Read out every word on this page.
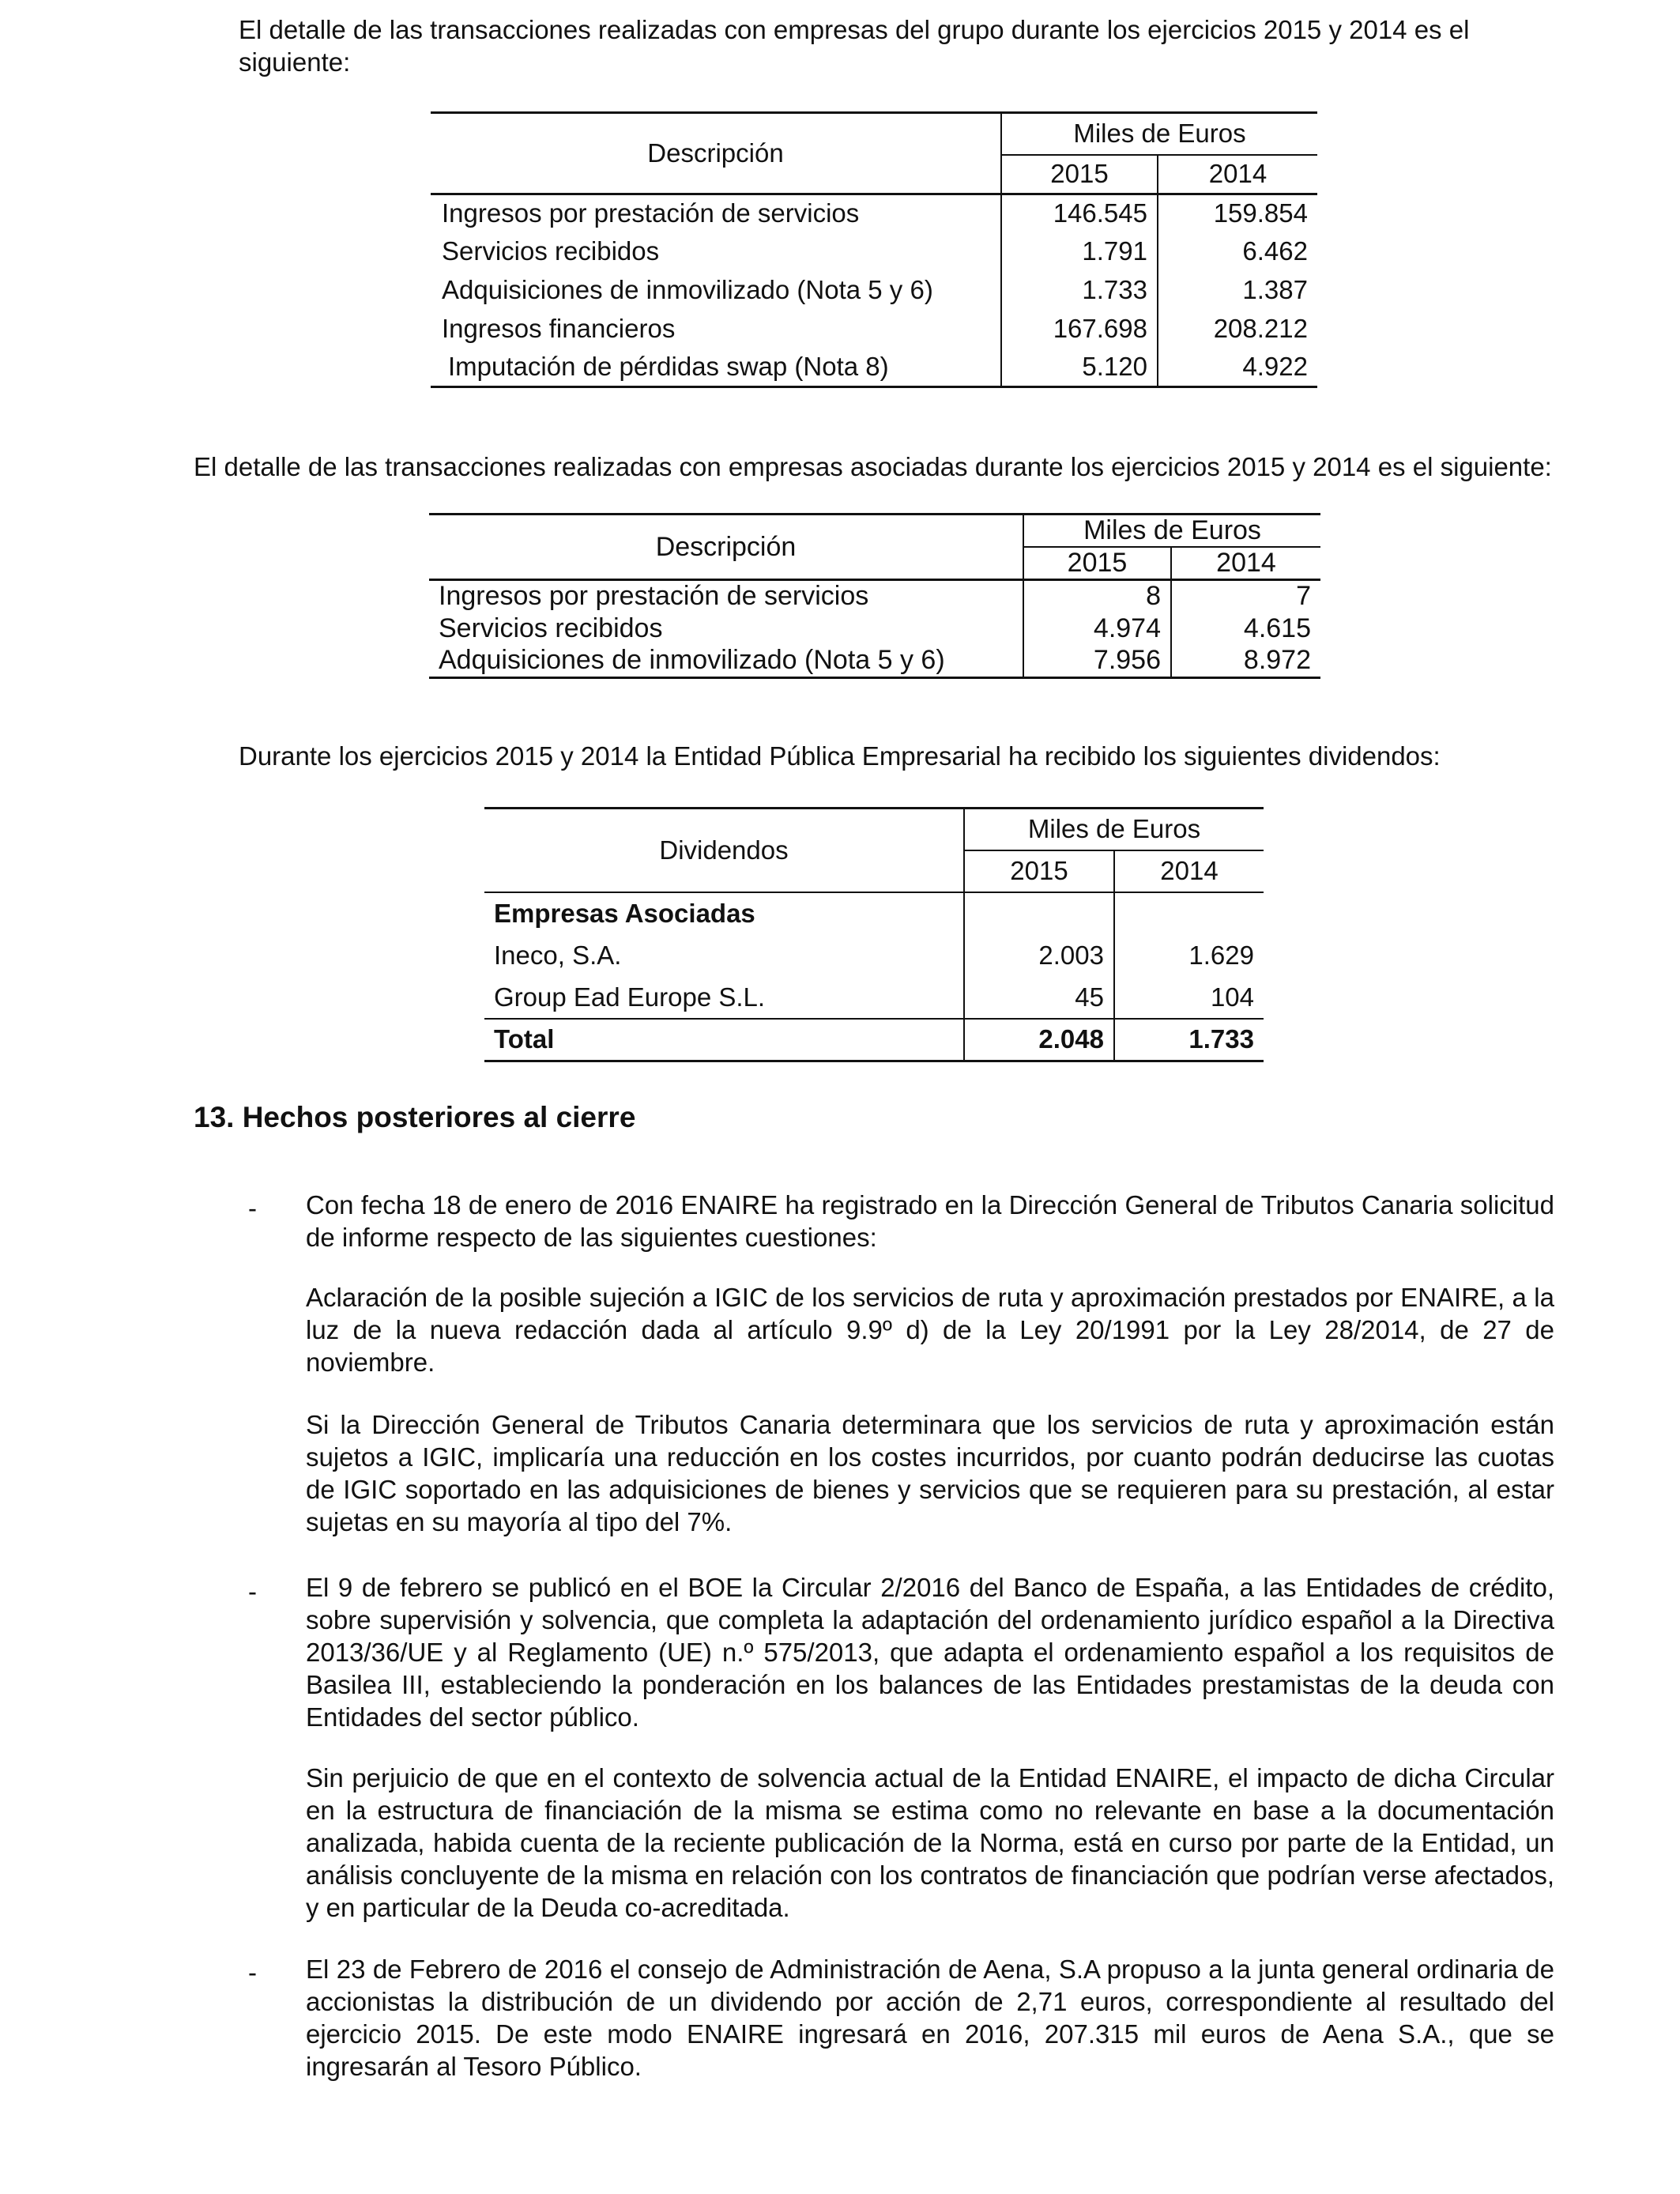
El detalle de las transacciones realizadas con empresas del grupo durante los ejercicios 2015 y 2014 es el siguiente:

Descripción	Miles de Euros	
	2015	2014
Ingresos por prestación de servicios	146.545	159.854
Servicios recibidos	1.791	6.462
Adquisiciones de inmovilizado (Nota 5 y 6)	1.733	1.387
Ingresos financieros	167.698	208.212
Imputación de pérdidas swap (Nota 8)	5.120	4.922

El detalle de las transacciones realizadas con empresas asociadas durante los ejercicios 2015 y 2014 es el siguiente:

Descripción	Miles de Euros	
	2015	2014
Ingresos por prestación de servicios	8	7
Servicios recibidos	4.974	4.615
Adquisiciones de inmovilizado (Nota 5 y 6)	7.956	8.972

Durante los ejercicios 2015 y 2014 la Entidad Pública Empresarial ha recibido los siguientes dividendos:

Dividendos	Miles de Euros	
	2015	2014
Empresas Asociadas		
Ineco, S.A.	2.003	1.629
Group Ead Europe S.L.	45	104
Total	2.048	1.733
13. Hechos posteriores al cierre
- Con fecha 18 de enero de 2016 ENAIRE ha registrado en la Dirección General de Tributos Canaria solicitud de informe respecto de las siguientes cuestiones:

Aclaración de la posible sujeción a IGIC de los servicios de ruta y aproximación prestados por ENAIRE, a la luz de la nueva redacción dada al artículo 9.9º d) de la Ley 20/1991 por la Ley 28/2014, de 27 de noviembre.

Si la Dirección General de Tributos Canaria determinara que los servicios de ruta y aproximación están sujetos a IGIC, implicaría una reducción en los costes incurridos, por cuanto podrán deducirse las cuotas de IGIC soportado en las adquisiciones de bienes y servicios que se requieren para su prestación, al estar sujetas en su mayoría al tipo del 7%.

- El 9 de febrero se publicó en el BOE la Circular 2/2016 del Banco de España, a las Entidades de crédito, sobre supervisión y solvencia, que completa la adaptación del ordenamiento jurídico español a la Directiva 2013/36/UE y al Reglamento (UE) n.º 575/2013, que adapta el ordenamiento español a los requisitos de Basilea III, estableciendo la ponderación en los balances de las Entidades prestamistas de la deuda con Entidades del sector público.

Sin perjuicio de que en el contexto de solvencia actual de la Entidad ENAIRE, el impacto de dicha Circular en la estructura de financiación de la misma se estima como no relevante en base a la documentación analizada, habida cuenta de la reciente publicación de la Norma, está en curso por parte de la Entidad, un análisis concluyente de la misma en relación con los contratos de financiación que podrían verse afectados, y en particular de la Deuda co-acreditada.

- El 23 de Febrero de 2016 el consejo de Administración de Aena, S.A propuso a la junta general ordinaria de accionistas la distribución de un dividendo por acción de 2,71 euros, correspondiente al resultado del ejercicio 2015. De este modo ENAIRE ingresará en 2016, 207.315 mil euros de Aena S.A., que se ingresarán al Tesoro Público.
